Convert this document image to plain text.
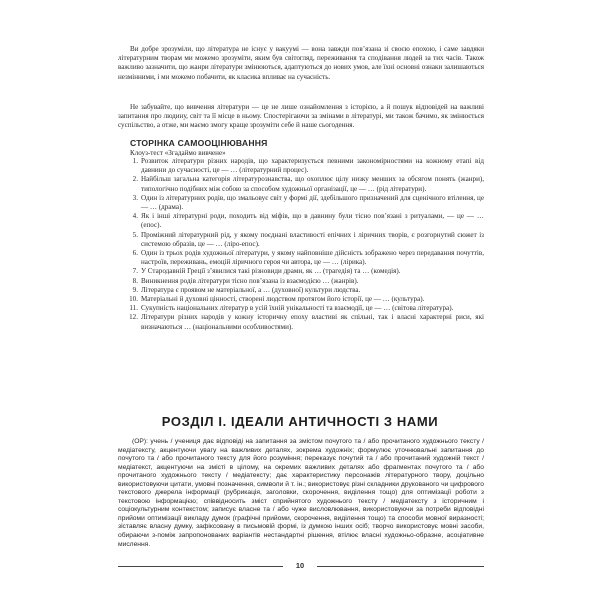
Ви добре зрозуміли, що література не існує у вакуумі — вона завжди пов’язана зі своєю епохою, і саме завдяки літературним творам ми можемо зрозуміти, яким був світогляд, переживання та сподівання людей за тих часів. Також важливо зазначити, що жанри літератури змінюються, адаптуються до нових умов, але їхні основні ознаки залишаються незмінними, і ми можемо побачити, як класика впливає на сучасність.

Не забувайте, що вивчення літератури — це не лише ознайомлення з історією, а й пошук відповідей на важливі запитання про людину, світ та її місце в ньому. Спостерігаючи за змінами в літературі, ми також бачимо, як змінюється суспільство, а отже, ми маємо змогу краще зрозуміти себе й наше сьогодення.

СТОРІНКА САМООЦІНЮВАННЯ

Клоуз-тест «Згадаймо вивчене»

1. Розвиток літератури різних народів, що характеризується певними закономірностями на кожному етапі від давнини до сучасності, це — … (літературний процес).
2. Найбільш загальна категорія літературознавства, що охоплює цілу низку менших за обсягом понять (жанри), типологічно подібних між собою за способом художньої організації, це — … (рід літератури).
3. Один із літературних родів, що змальовує світ у формі дії, здебільшого призначений для сценічного втілення, це — … (драма).
4. Як і інші літературні роди, походить від міфів, що в давнину були тісно пов’язані з ритуалами, — це — … (епос).
5. Проміжний літературний рід, у якому поєднані властивості епічних і ліричних творів, є розгорнутий сюжет із системою образів, це — … (ліро-епос).
6. Один із трьох родів художньої літератури, у якому найповніше дійсність зображено через передавання почуттів, настроїв, переживань, емоцій ліричного героя чи автора, це — … (лірика).
7. У Стародавній Греції з’явилися такі різновиди драми, як … (трагедія) та … (комедія).
8. Виникнення родів літератури тісно пов’язана із взаємодією … (жанрів).
9. Література є проявом не матеріальної, а … (духовної) культури людства.
10. Матеріальні й духовні цінності, створені людством протягом його історії, це — … (культура).
11. Сукупність національних літератур в усій їхній унікальності та взаємодії, це — … (світова література).
12. Літератури різних народів у кожну історичну епоху властиві як спільні, так і власні характерні риси, які визначаються … (національними особливостями).
РОЗДІЛ І. ІДЕАЛИ АНТИЧНОСТІ З НАМИ

(ОР): учень / учениця дає відповіді на запитання за змістом почутого та / або прочитаного художнього тексту / медіатексту, акцентуючи увагу на важливих деталях, зокрема художніх; формулює уточнювальні запитання до почутого та / або прочитаного тексту для його розуміння; переказує почутий та / або прочитаний художній текст / медіатекст, акцентуючи на змісті в цілому, на окремих важливих деталях або фрагментах почутого та / або прочитаного художнього тексту / медіатексту; дає характеристику персонажів літературного твору, доцільно використовуючи цитати, умовні позначення, символи й т. ін.; використовує різні складники друкованого чи цифрового текстового джерела інформації (рубрикація, заголовки, скорочення, виділення тощо) для оптимізації роботи з текстовою інформацією; співвідносить зміст сприйнятого художнього тексту / медіатексту з історичним і соціокультурним контекстом; записує власне та / або чуже висловлювання, використовуючи за потреби відповідні прийоми оптимізації викладу думок (графічні прийоми, скорочення, виділення тощо) та способи мовної виразності; зіставляє власну думку, зафіксовану в письмовій формі, із думкою інших осіб; творчо використовує мовні засоби, обираючи з-поміж запропонованих варіантів нестандартні рішення, втілює власні художньо-образне, асоціативне мислення.

10
